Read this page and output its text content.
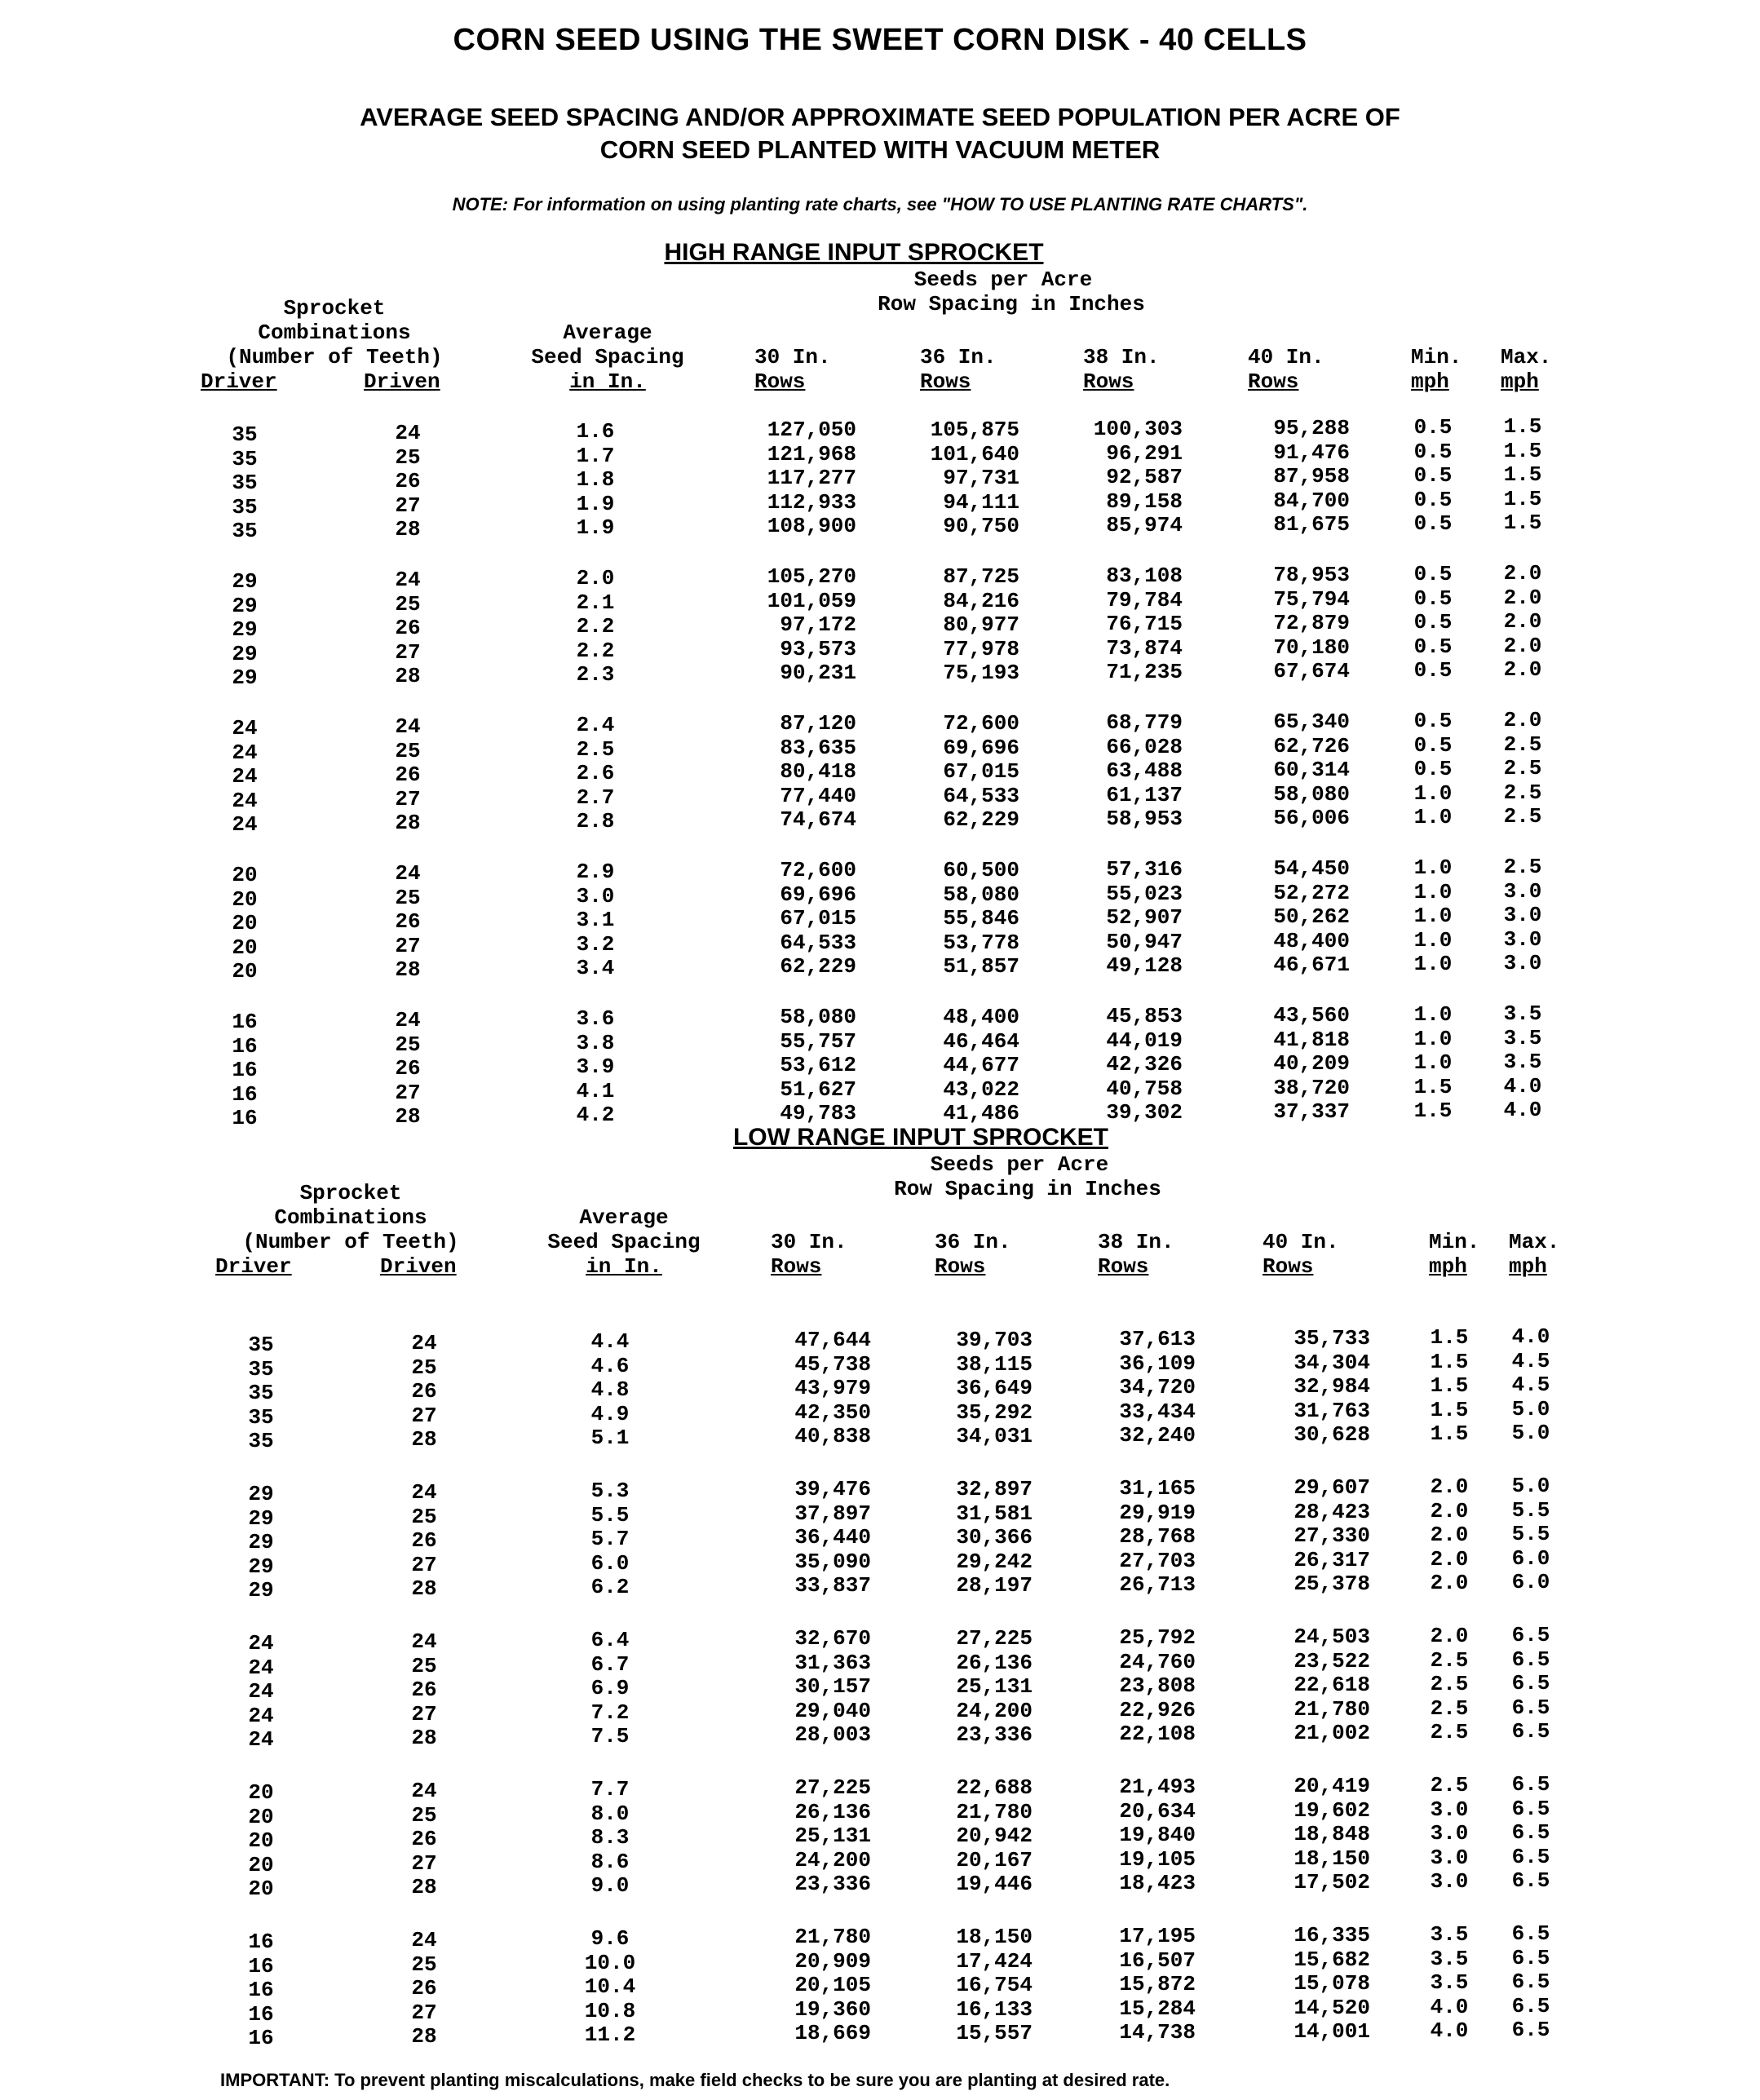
CORN SEED USING THE SWEET CORN DISK - 40 CELLS
AVERAGE SEED SPACING AND/OR APPROXIMATE SEED POPULATION PER ACRE OF
CORN SEED PLANTED WITH VACUUM METER
NOTE: For information on using planting rate charts, see "HOW TO USE PLANTING RATE CHARTS".
HIGH RANGE INPUT SPROCKET
Seeds per Acre
Row Spacing in Inches
Sprocket
Combinations
(Number of Teeth)
Driver	Driven
Average
Seed Spacing
in In.
30 In.
Rows
36 In.
Rows
38 In.
Rows
40 In.
Rows
Min.
mph
Max.
mph
35	24	1.6	127,050	105,875	100,303	95,288	0.5	1.5
35	25	1.7	121,968	101,640	96,291	91,476	0.5	1.5
35	26	1.8	117,277	97,731	92,587	87,958	0.5	1.5
35	27	1.9	112,933	94,111	89,158	84,700	0.5	1.5
35	28	1.9	108,900	90,750	85,974	81,675	0.5	1.5
29	24	2.0	105,270	87,725	83,108	78,953	0.5	2.0
29	25	2.1	101,059	84,216	79,784	75,794	0.5	2.0
29	26	2.2	97,172	80,977	76,715	72,879	0.5	2.0
29	27	2.2	93,573	77,978	73,874	70,180	0.5	2.0
29	28	2.3	90,231	75,193	71,235	67,674	0.5	2.0
24	24	2.4	87,120	72,600	68,779	65,340	0.5	2.0
24	25	2.5	83,635	69,696	66,028	62,726	0.5	2.5
24	26	2.6	80,418	67,015	63,488	60,314	0.5	2.5
24	27	2.7	77,440	64,533	61,137	58,080	1.0	2.5
24	28	2.8	74,674	62,229	58,953	56,006	1.0	2.5
20	24	2.9	72,600	60,500	57,316	54,450	1.0	2.5
20	25	3.0	69,696	58,080	55,023	52,272	1.0	3.0
20	26	3.1	67,015	55,846	52,907	50,262	1.0	3.0
20	27	3.2	64,533	53,778	50,947	48,400	1.0	3.0
20	28	3.4	62,229	51,857	49,128	46,671	1.0	3.0
16	24	3.6	58,080	48,400	45,853	43,560	1.0	3.5
16	25	3.8	55,757	46,464	44,019	41,818	1.0	3.5
16	26	3.9	53,612	44,677	42,326	40,209	1.0	3.5
16	27	4.1	51,627	43,022	40,758	38,720	1.5	4.0
16	28	4.2	49,783	41,486	39,302	37,337	1.5	4.0
LOW RANGE INPUT SPROCKET
Seeds per Acre
Row Spacing in Inches
Sprocket
Combinations
(Number of Teeth)
Driver	Driven
Average
Seed Spacing
in In.
30 In.
Rows
36 In.
Rows
38 In.
Rows
40 In.
Rows
Min.
mph
Max.
mph
35	24	4.4	47,644	39,703	37,613	35,733	1.5	4.0
35	25	4.6	45,738	38,115	36,109	34,304	1.5	4.5
35	26	4.8	43,979	36,649	34,720	32,984	1.5	4.5
35	27	4.9	42,350	35,292	33,434	31,763	1.5	5.0
35	28	5.1	40,838	34,031	32,240	30,628	1.5	5.0
29	24	5.3	39,476	32,897	31,165	29,607	2.0	5.0
29	25	5.5	37,897	31,581	29,919	28,423	2.0	5.5
29	26	5.7	36,440	30,366	28,768	27,330	2.0	5.5
29	27	6.0	35,090	29,242	27,703	26,317	2.0	6.0
29	28	6.2	33,837	28,197	26,713	25,378	2.0	6.0
24	24	6.4	32,670	27,225	25,792	24,503	2.0	6.5
24	25	6.7	31,363	26,136	24,760	23,522	2.5	6.5
24	26	6.9	30,157	25,131	23,808	22,618	2.5	6.5
24	27	7.2	29,040	24,200	22,926	21,780	2.5	6.5
24	28	7.5	28,003	23,336	22,108	21,002	2.5	6.5
20	24	7.7	27,225	22,688	21,493	20,419	2.5	6.5
20	25	8.0	26,136	21,780	20,634	19,602	3.0	6.5
20	26	8.3	25,131	20,942	19,840	18,848	3.0	6.5
20	27	8.6	24,200	20,167	19,105	18,150	3.0	6.5
20	28	9.0	23,336	19,446	18,423	17,502	3.0	6.5
16	24	9.6	21,780	18,150	17,195	16,335	3.5	6.5
16	25	10.0	20,909	17,424	16,507	15,682	3.5	6.5
16	26	10.4	20,105	16,754	15,872	15,078	3.5	6.5
16	27	10.8	19,360	16,133	15,284	14,520	4.0	6.5
16	28	11.2	18,669	15,557	14,738	14,001	4.0	6.5
IMPORTANT: To prevent planting miscalculations, make field checks to be sure you are planting at desired rate.
